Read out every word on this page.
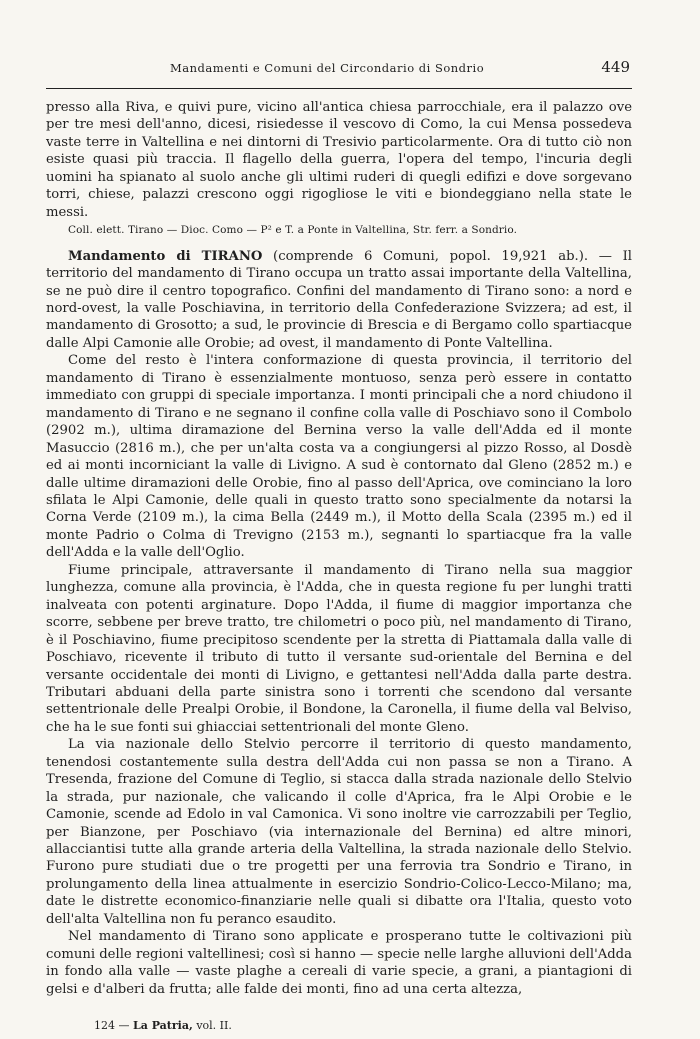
Mandamenti e Comuni del Circondario di Sondrio	449

presso alla Riva, e quivi pure, vicino all'antica chiesa parrocchiale, era il palazzo ove per tre mesi dell'anno, dicesi, risiedesse il vescovo di Como, la cui Mensa possedeva vaste terre in Valtellina e nei dintorni di Tresivio particolarmente. Ora di tutto ciò non esiste quasi più traccia. Il flagello della guerra, l'opera del tempo, l'incuria degli uomini ha spianato al suolo anche gli ultimi ruderi di quegli edifizi e dove sorgevano torri, chiese, palazzi crescono oggi rigogliose le viti e biondeggiano nella state le messi.

Coll. elett. Tirano — Dioc. Como — P² e T. a Ponte in Valtellina, Str. ferr. a Sondrio.

Mandamento di TIRANO (comprende 6 Comuni, popol. 19,921 ab.). — Il territorio del mandamento di Tirano occupa un tratto assai importante della Valtellina, se ne può dire il centro topografico. Confini del mandamento di Tirano sono: a nord e nord-ovest, la valle Poschiavina, in territorio della Confederazione Svizzera; ad est, il mandamento di Grosotto; a sud, le provincie di Brescia e di Bergamo collo spartiacque dalle Alpi Camonie alle Orobie; ad ovest, il mandamento di Ponte Valtellina.

Come del resto è l'intera conformazione di questa provincia, il territorio del mandamento di Tirano è essenzialmente montuoso, senza però essere in contatto immediato con gruppi di speciale importanza. I monti principali che a nord chiudono il mandamento di Tirano e ne segnano il confine colla valle di Poschiavo sono il Combolo (2902 m.), ultima diramazione del Bernina verso la valle dell'Adda ed il monte Masuccio (2816 m.), che per un'alta costa va a congiungersi al pizzo Rosso, al Dosdè ed ai monti incorniciant la valle di Livigno. A sud è contornato dal Gleno (2852 m.) e dalle ultime diramazioni delle Orobie, fino al passo dell'Aprica, ove cominciano la loro sfilata le Alpi Camonie, delle quali in questo tratto sono specialmente da notarsi la Corna Verde (2109 m.), la cima Bella (2449 m.), il Motto della Scala (2395 m.) ed il monte Padrio o Colma di Trevigno (2153 m.), segnanti lo spartiacque fra la valle dell'Adda e la valle dell'Oglio.

Fiume principale, attraversante il mandamento di Tirano nella sua maggior lunghezza, comune alla provincia, è l'Adda, che in questa regione fu per lunghi tratti inalveata con potenti arginature. Dopo l'Adda, il fiume di maggior importanza che scorre, sebbene per breve tratto, tre chilometri o poco più, nel mandamento di Tirano, è il Poschiavino, fiume precipitoso scendente per la stretta di Piattamala dalla valle di Poschiavo, ricevente il tributo di tutto il versante sud-orientale del Bernina e del versante occidentale dei monti di Livigno, e gettantesi nell'Adda dalla parte destra. Tributari abduani della parte sinistra sono i torrenti che scendono dal versante settentrionale delle Prealpi Orobie, il Bondone, la Caronella, il fiume della val Belviso, che ha le sue fonti sui ghiacciai settentrionali del monte Gleno.

La via nazionale dello Stelvio percorre il territorio di questo mandamento, tenendosi costantemente sulla destra dell'Adda cui non passa se non a Tirano. A Tresenda, frazione del Comune di Teglio, si stacca dalla strada nazionale dello Stelvio la strada, pur nazionale, che valicando il colle d'Aprica, fra le Alpi Orobie e le Camonie, scende ad Edolo in val Camonica. Vi sono inoltre vie carrozzabili per Teglio, per Bianzone, per Poschiavo (via internazionale del Bernina) ed altre minori, allacciantisi tutte alla grande arteria della Valtellina, la strada nazionale dello Stelvio. Furono pure studiati due o tre progetti per una ferrovia tra Sondrio e Tirano, in prolungamento della linea attualmente in esercizio Sondrio-Colico-Lecco-Milano; ma, date le distrette economico-finanziarie nelle quali si dibatte ora l'Italia, questo voto dell'alta Valtellina non fu peranco esaudito.

Nel mandamento di Tirano sono applicate e prosperano tutte le coltivazioni più comuni delle regioni valtellinesi; così si hanno — specie nelle larghe alluvioni dell'Adda in fondo alla valle — vaste plaghe a cereali di varie specie, a grani, a piantagioni di gelsi e d'alberi da frutta; alle falde dei monti, fino ad una certa altezza,

124 — La Patria, vol. II.
